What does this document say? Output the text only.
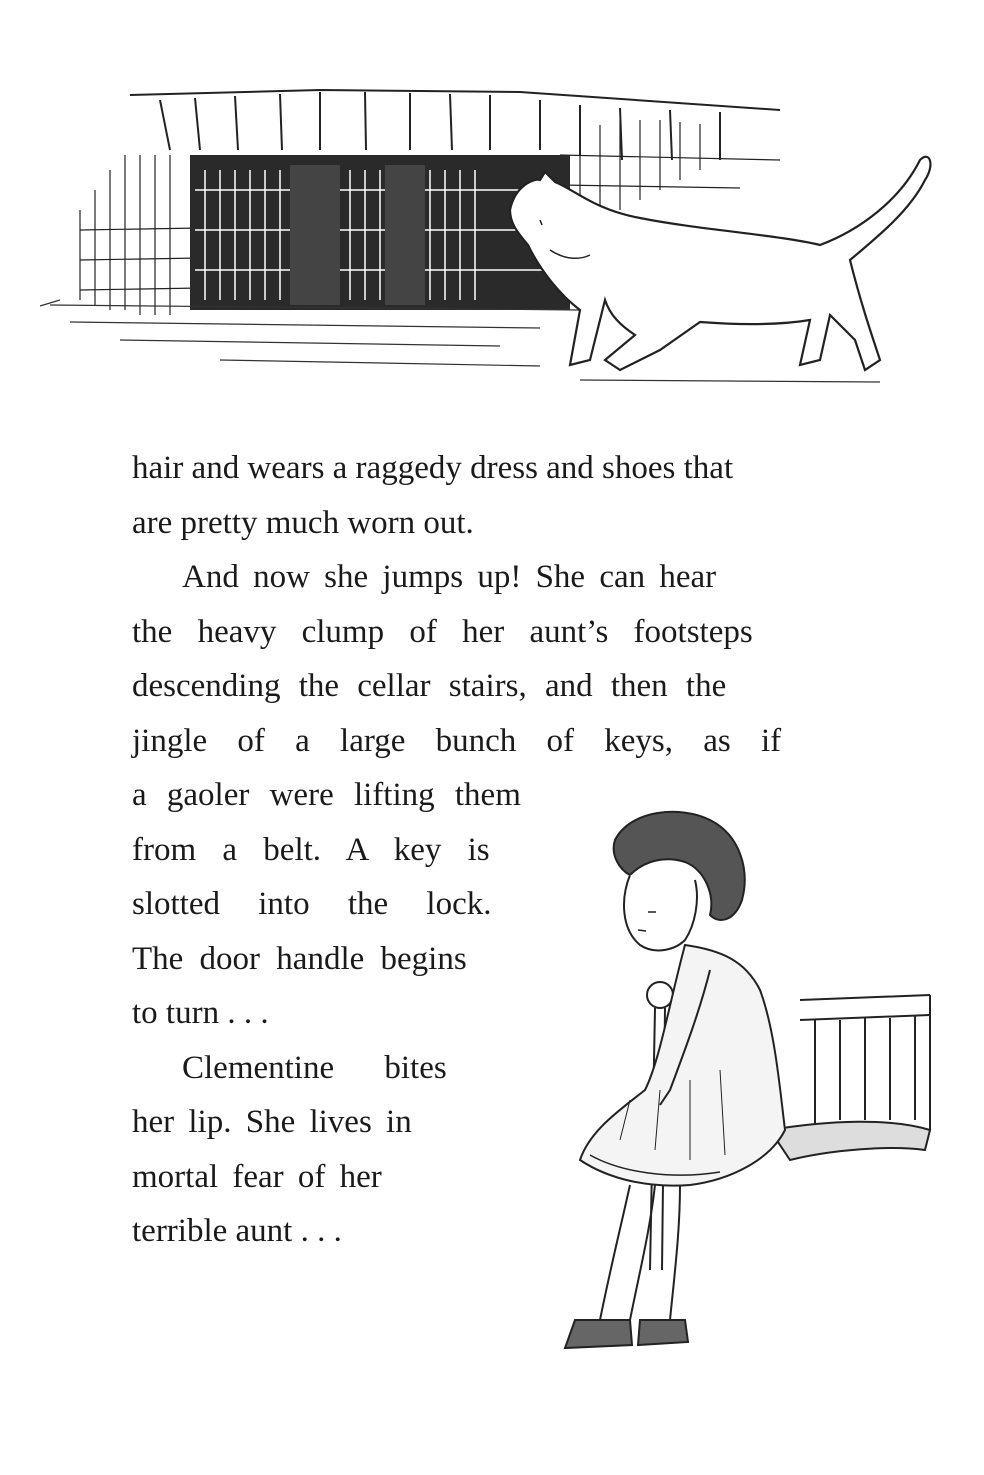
hair and wears a raggedy dress and shoes that
are pretty much worn out.
And now she jumps up! She can hear
the heavy clump of her aunt’s footsteps
descending the cellar stairs, and then the
jingle of a large bunch of keys, as if
a gaoler were lifting them
from a belt. A key is
slotted into the lock.
The door handle begins
to turn . . .
Clementine bites
her lip. She lives in
mortal fear of her
terrible aunt . . .
